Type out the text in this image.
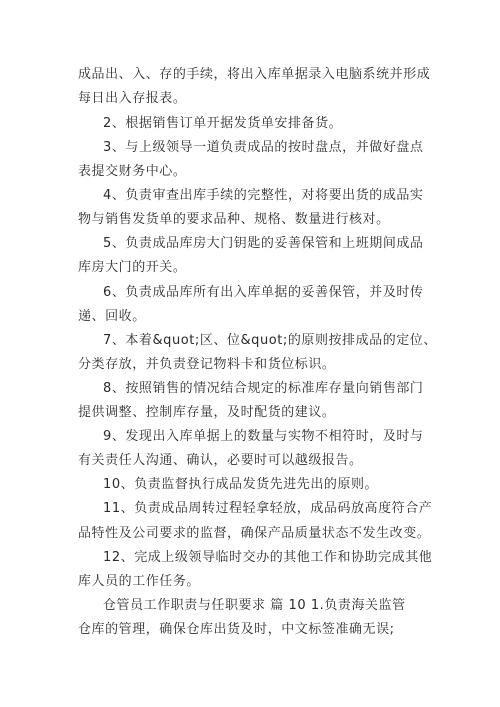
成品出、入、存的手续，将出入库单据录入电脑系统并形成
每日出入存报表。
2、根据销售订单开据发货单安排备货。
3、与上级领导一道负责成品的按时盘点，并做好盘点
表提交财务中心。
4、负责审查出库手续的完整性，对将要出货的成品实
物与销售发货单的要求品种、规格、数量进行核对。
5、负责成品库房大门钥匙的妥善保管和上班期间成品
库房大门的开关。
6、负责成品库所有出入库单据的妥善保管，并及时传
递、回收。
7、本着&quot;区、位&quot;的原则按排成品的定位、
分类存放，并负责登记物料卡和货位标识。
8、按照销售的情况结合规定的标准库存量向销售部门
提供调整、控制库存量，及时配货的建议。
9、发现出入库单据上的数量与实物不相符时，及时与
有关责任人沟通、确认，必要时可以越级报告。
10、负责监督执行成品发货先进先出的原则。
11、负责成品周转过程轻拿轻放，成品码放高度符合产
品特性及公司要求的监督，确保产品质量状态不发生改变。
12、完成上级领导临时交办的其他工作和协助完成其他
库人员的工作任务。
仓管员工作职责与任职要求 篇 10 1.负责海关监管
仓库的管理，确保仓库出货及时，中文标签准确无误;
